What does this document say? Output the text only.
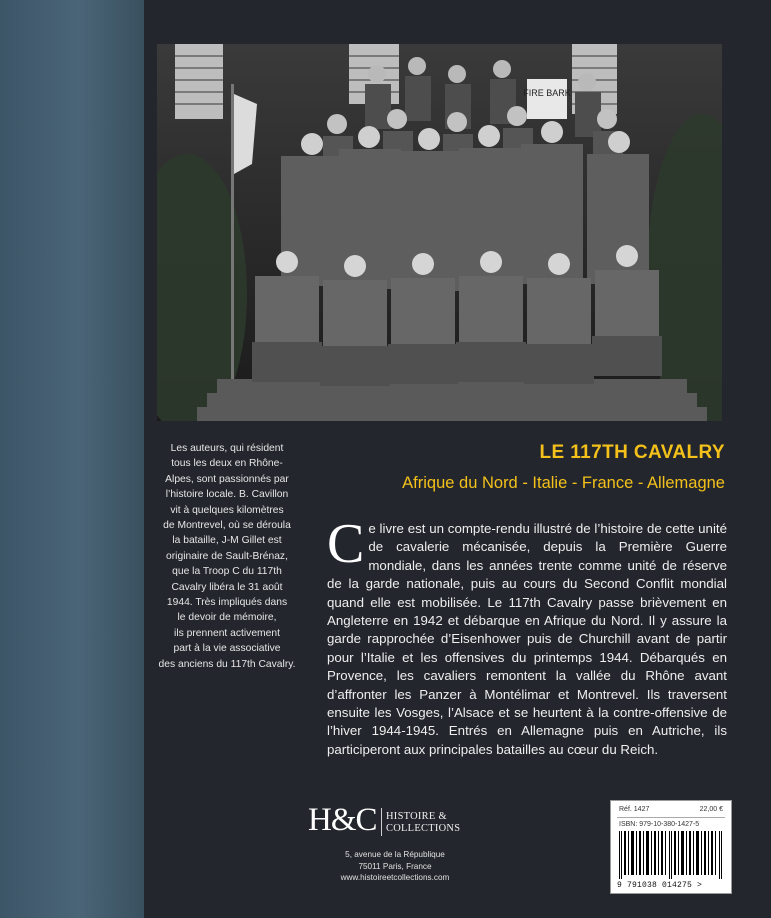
FIRE BARK
Les auteurs, qui résident
tous les deux en Rhône-
Alpes, sont passionnés par
l’histoire locale. B. Cavillon
vit à quelques kilomètres
de Montrevel, où se déroula
la bataille, J-M Gillet est
originaire de Sault-Brénaz,
que la Troop C du 117th
Cavalry libéra le 31 août
1944. Très impliqués dans
le devoir de mémoire,
ils prennent activement
part à la vie associative
des anciens du 117th Cavalry.
LE 117TH CAVALRY
Afrique du Nord - Italie - France - Allemagne
C e livre est un compte-rendu illustré de l’histoire de cette unité de cavalerie mécanisée, depuis la Première Guerre mondiale, dans les années trente comme unité de réserve de la garde nationale, puis au cours du Second Conflit mondial quand elle est mobilisée. Le 117th Cavalry passe brièvement en Angleterre en 1942 et débarque en Afrique du Nord. Il y assure la garde rapprochée d’Eisenhower puis de Churchill avant de partir pour l’Italie et les offensives du printemps 1944. Débarqués en Provence, les cavaliers remontent la vallée du Rhône avant d’affronter les Panzer à Montélimar et Montrevel. Ils traversent ensuite les Vosges, l’Alsace et se heurtent à la contre-offensive de l’hiver 1944-1945. Entrés en Allemagne puis en Autriche, ils participeront aux principales batailles au cœur du Reich.
H&C HISTOIRE &
COLLECTIONS
5, avenue de la République
75011 Paris, France
www.histoireetcollections.com
Réf. 1427	22,00 €
ISBN: 979-10-380-1427-5
9 791038 014275 >
